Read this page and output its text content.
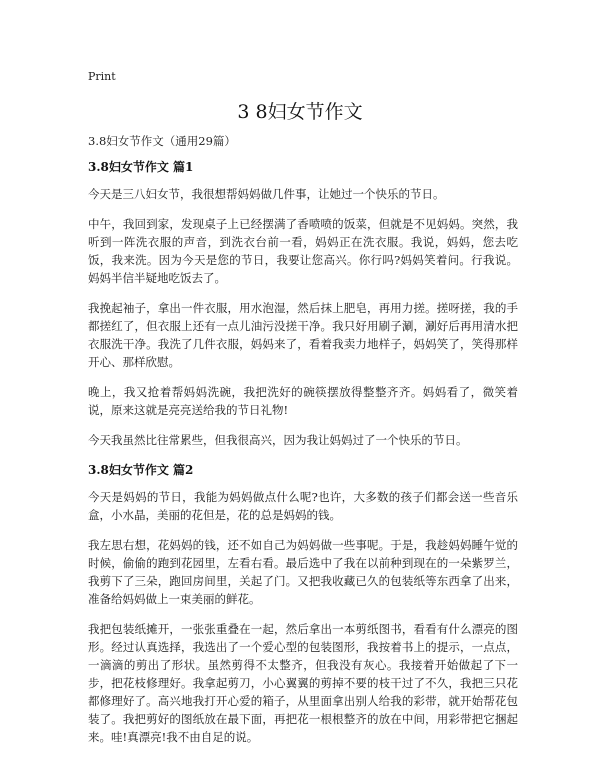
Print
3 8妇女节作文
3.8妇女节作文（通用29篇）
3.8妇女节作文 篇1

今天是三八妇女节，我很想帮妈妈做几件事，让她过一个快乐的节日。

中午，我回到家，发现桌子上已经摆满了香喷喷的饭菜，但就是不见妈妈。突然，我听到一阵洗衣服的声音，到洗衣台前一看，妈妈正在洗衣服。我说，妈妈，您去吃饭，我来洗。因为今天是您的节日，我要让您高兴。你行吗?妈妈笑着问。行我说。妈妈半信半疑地吃饭去了。

我挽起袖子，拿出一件衣服，用水泡湿，然后抹上肥皂，再用力搓。搓呀搓，我的手都搓红了，但衣服上还有一点儿油污没搓干净。我只好用刷子涮，涮好后再用清水把衣服洗干净。我洗了几件衣服，妈妈来了，看着我卖力地样子，妈妈笑了，笑得那样开心、那样欣慰。

晚上，我又抢着帮妈妈洗碗，我把洗好的碗筷摆放得整整齐齐。妈妈看了，微笑着说，原来这就是亮亮送给我的节日礼物!

今天我虽然比往常累些，但我很高兴，因为我让妈妈过了一个快乐的节日。

3.8妇女节作文 篇2

今天是妈妈的节日，我能为妈妈做点什么呢?也许，大多数的孩子们都会送一些音乐盒，小水晶，美丽的花但是，花的总是妈妈的钱。

我左思右想，花妈妈的钱，还不如自己为妈妈做一些事呢。于是，我趁妈妈睡午觉的时候，偷偷的跑到花园里，左看右看。最后选中了我在以前种到现在的一朵紫罗兰，我剪下了三朵，跑回房间里，关起了门。又把我收藏已久的包装纸等东西拿了出来，准备给妈妈做上一束美丽的鲜花。

我把包装纸摊开，一张张重叠在一起，然后拿出一本剪纸图书，看看有什么漂亮的图形。经过认真选择，我选出了一个爱心型的包装图形，我按着书上的提示，一点点，一滴滴的剪出了形状。虽然剪得不太整齐，但我没有灰心。我接着开始做起了下一步，把花枝修理好。我拿起剪刀，小心翼翼的剪掉不要的枝干过了不久，我把三只花都修理好了。高兴地我打开心爱的箱子，从里面拿出别人给我的彩带，就开始帮花包装了。我把剪好的图纸放在最下面，再把花一根根整齐的放在中间，用彩带把它捆起来。哇!真漂亮!我不由自足的说。
